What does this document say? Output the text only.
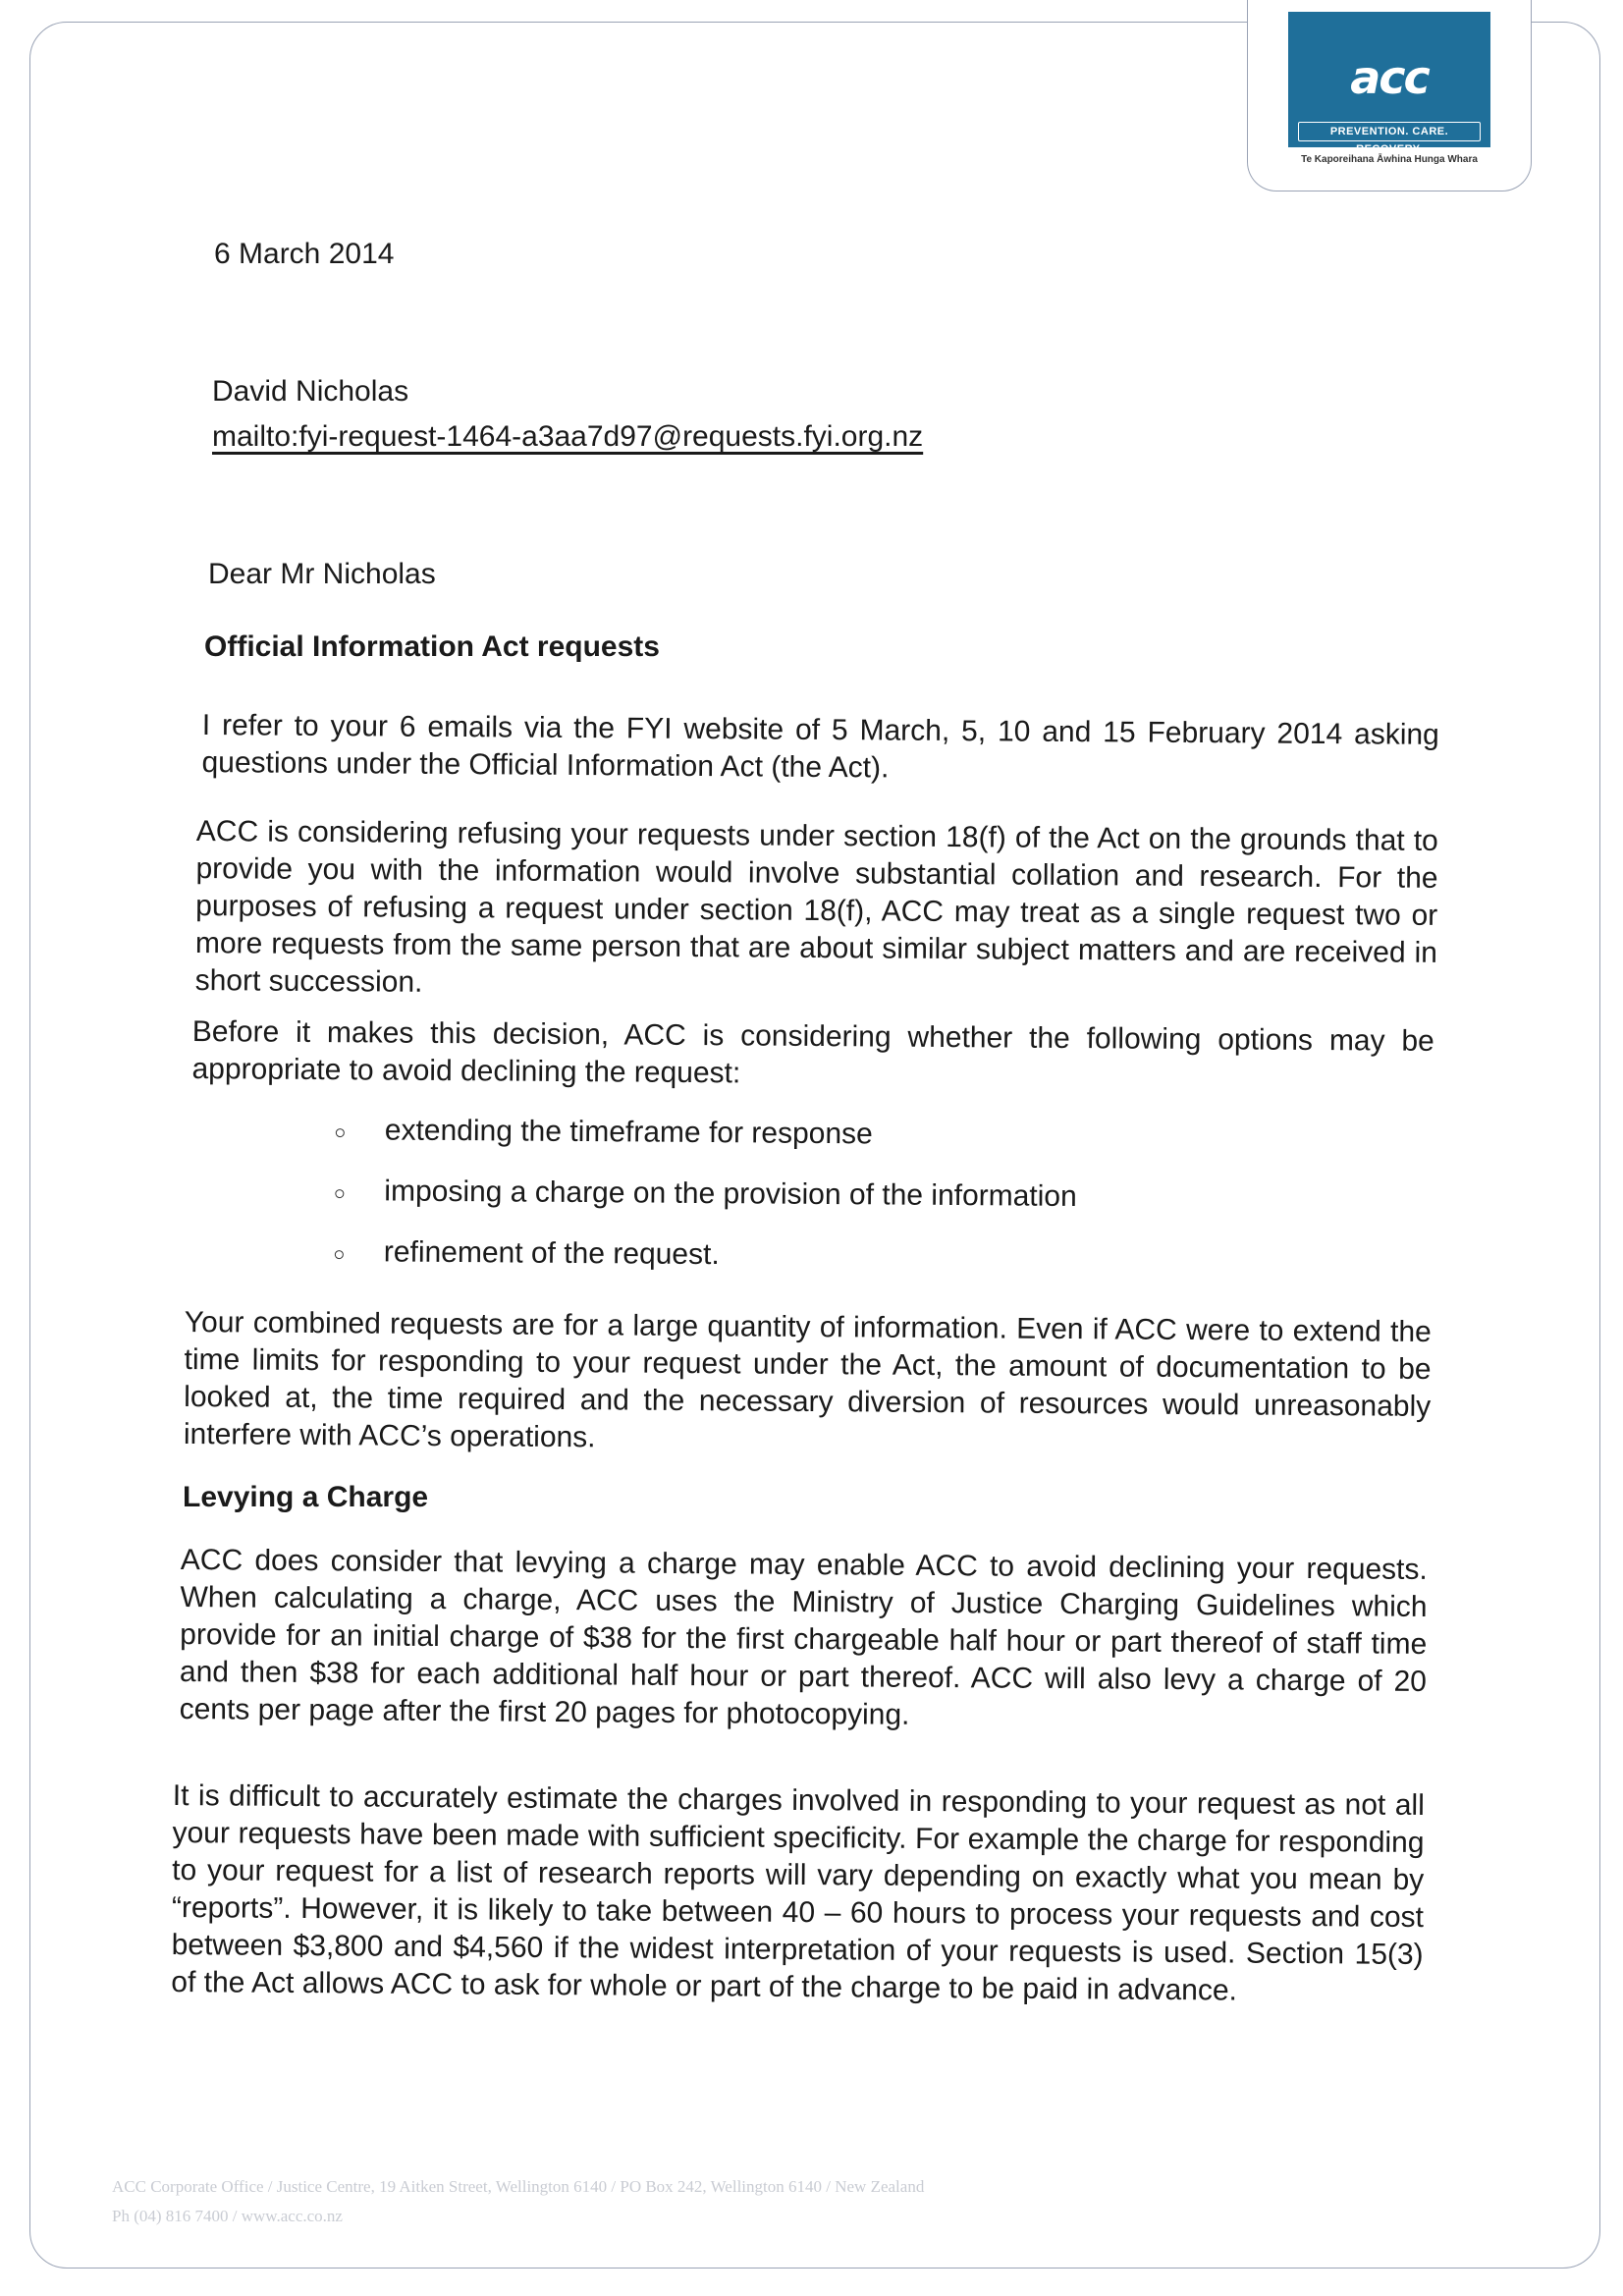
acc
PREVENTION. CARE. RECOVERY.
Te Kaporeihana Āwhina Hunga Whara
6 March 2014
David Nicholas
mailto:fyi-request-1464-a3aa7d97@requests.fyi.org.nz
Dear Mr Nicholas
Official Information Act requests
I refer to your 6 emails via the FYI website of 5 March, 5, 10 and 15 February 2014 asking questions under the Official Information Act (the Act).
ACC is considering refusing your requests under section 18(f) of the Act on the grounds that to provide you with the information would involve substantial collation and research. For the purposes of refusing a request under section 18(f), ACC may treat as a single request two or more requests from the same person that are about similar subject matters and are received in short succession.
Before it makes this decision, ACC is considering whether the following options may be appropriate to avoid declining the request:
extending the timeframe for response
imposing a charge on the provision of the information
refinement of the request.
Your combined requests are for a large quantity of information. Even if ACC were to extend the time limits for responding to your request under the Act, the amount of documentation to be looked at, the time required and the necessary diversion of resources would unreasonably interfere with ACC’s operations.
Levying a Charge
ACC does consider that levying a charge may enable ACC to avoid declining your requests. When calculating a charge, ACC uses the Ministry of Justice Charging Guidelines which provide for an initial charge of $38 for the first chargeable half hour or part thereof of staff time and then $38 for each additional half hour or part thereof. ACC will also levy a charge of 20 cents per page after the first 20 pages for photocopying.
It is difficult to accurately estimate the charges involved in responding to your request as not all your requests have been made with sufficient specificity. For example the charge for responding to your request for a list of research reports will vary depending on exactly what you mean by “reports”. However, it is likely to take between 40 – 60 hours to process your requests and cost between $3,800 and $4,560 if the widest interpretation of your requests is used. Section 15(3) of the Act allows ACC to ask for whole or part of the charge to be paid in advance.
ACC Corporate Office / Justice Centre, 19 Aitken Street, Wellington 6140 / PO Box 242, Wellington 6140 / New Zealand
Ph (04) 816 7400 / www.acc.co.nz
